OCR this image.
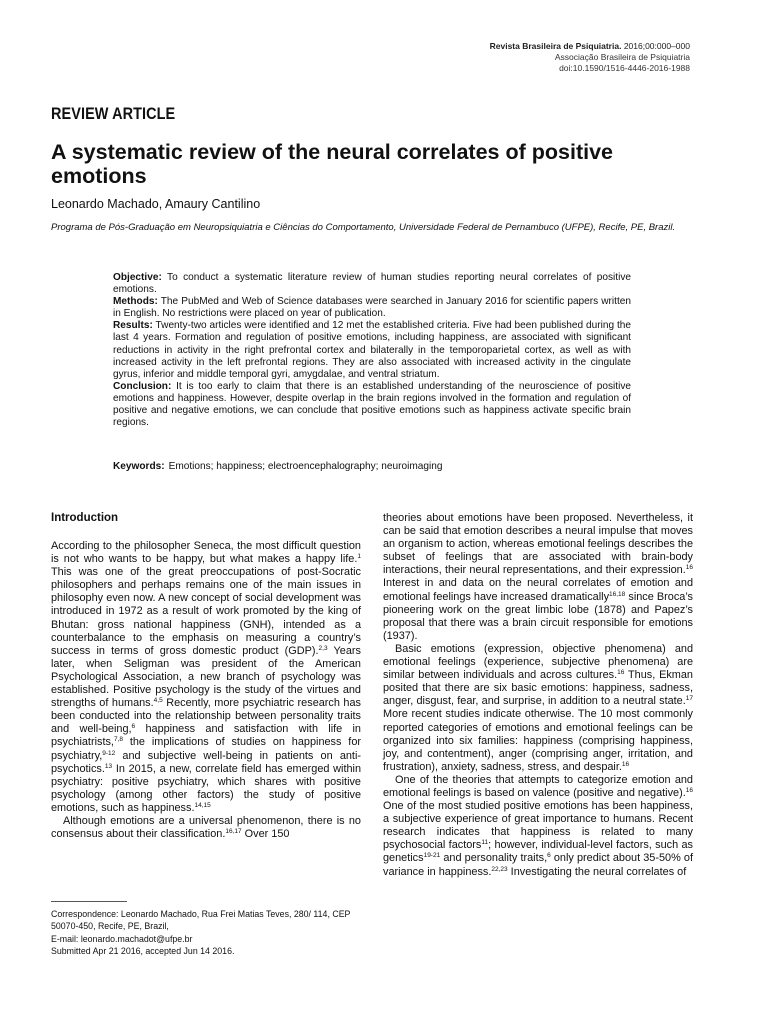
Revista Brasileira de Psiquiatria. 2016;00:000–000
Associação Brasileira de Psiquiatria
doi:10.1590/1516-4446-2016-1988
REVIEW ARTICLE
A systematic review of the neural correlates of positive emotions
Leonardo Machado, Amaury Cantilino
Programa de Pós-Graduação em Neuropsiquiatria e Ciências do Comportamento, Universidade Federal de Pernambuco (UFPE), Recife, PE, Brazil.

Objective: To conduct a systematic literature review of human studies reporting neural correlates of positive emotions.

Methods: The PubMed and Web of Science databases were searched in January 2016 for scientific papers written in English. No restrictions were placed on year of publication.

Results: Twenty-two articles were identified and 12 met the established criteria. Five had been published during the last 4 years. Formation and regulation of positive emotions, including happiness, are associated with significant reductions in activity in the right prefrontal cortex and bilaterally in the temporoparietal cortex, as well as with increased activity in the left prefrontal regions. They are also associated with increased activity in the cingulate gyrus, inferior and middle temporal gyri, amygdalae, and ventral striatum.

Conclusion: It is too early to claim that there is an established understanding of the neuroscience of positive emotions and happiness. However, despite overlap in the brain regions involved in the formation and regulation of positive and negative emotions, we can conclude that positive emotions such as happiness activate specific brain regions.

Keywords: Emotions; happiness; electroencephalography; neuroimaging
Introduction

According to the philosopher Seneca, the most difficult question is not who wants to be happy, but what makes a happy life.$^1$ This was one of the great preoccupations of post-Socratic philosophers and perhaps remains one of the main issues in philosophy even now. A new concept of social development was introduced in 1972 as a result of work promoted by the king of Bhutan: gross national happiness (GNH), intended as a counterbalance to the emphasis on measuring a country’s success in terms of gross domestic product (GDP).$^{2,3}$ Years later, when Seligman was president of the American Psychological Association, a new branch of psychology was established. Positive psychology is the study of the virtues and strengths of humans.$^{4,5}$ Recently, more psychiatric research has been conducted into the relationship between personality traits and well-being,$^6$ happiness and satisfaction with life in psychiatrists,$^{7,8}$ the implications of studies on happiness for psychiatry,$^{9-12}$ and subjective well-being in patients on anti-psychotics.$^{13}$ In 2015, a new, correlate field has emerged within psychiatry: positive psychiatry, which shares with positive psychology (among other factors) the study of positive emotions, such as happiness.$^{14,15}$

Although emotions are a universal phenomenon, there is no consensus about their classification.$^{16,17}$ Over 150

theories about emotions have been proposed. Nevertheless, it can be said that emotion describes a neural impulse that moves an organism to action, whereas emotional feelings describes the subset of feelings that are associated with brain-body interactions, their neural representations, and their expression.$^{16}$ Interest in and data on the neural correlates of emotion and emotional feelings have increased dramatically$^{16,18}$ since Broca’s pioneering work on the great limbic lobe (1878) and Papez’s proposal that there was a brain circuit responsible for emotions (1937).

Basic emotions (expression, objective phenomena) and emotional feelings (experience, subjective phenomena) are similar between individuals and across cultures.$^{16}$ Thus, Ekman posited that there are six basic emotions: happiness, sadness, anger, disgust, fear, and surprise, in addition to a neutral state.$^{17}$ More recent studies indicate otherwise. The 10 most commonly reported categories of emotions and emotional feelings can be organized into six families: happiness (comprising happiness, joy, and contentment), anger (comprising anger, irritation, and frustration), anxiety, sadness, stress, and despair.$^{16}$

One of the theories that attempts to categorize emotion and emotional feelings is based on valence (positive and negative).$^{16}$ One of the most studied positive emotions has been happiness, a subjective experience of great importance to humans. Recent research indicates that happiness is related to many psychosocial factors$^{11}$; however, individual-level factors, such as genetics$^{19-21}$ and personality traits,$^6$ only predict about 35-50% of variance in happiness.$^{22,23}$ Investigating the neural correlates of

Correspondence: Leonardo Machado, Rua Frei Matias Teves, 280/ 114, CEP 50070-450, Recife, PE, Brazil,
E-mail: leonardo.machadot@ufpe.br
Submitted Apr 21 2016, accepted Jun 14 2016.
